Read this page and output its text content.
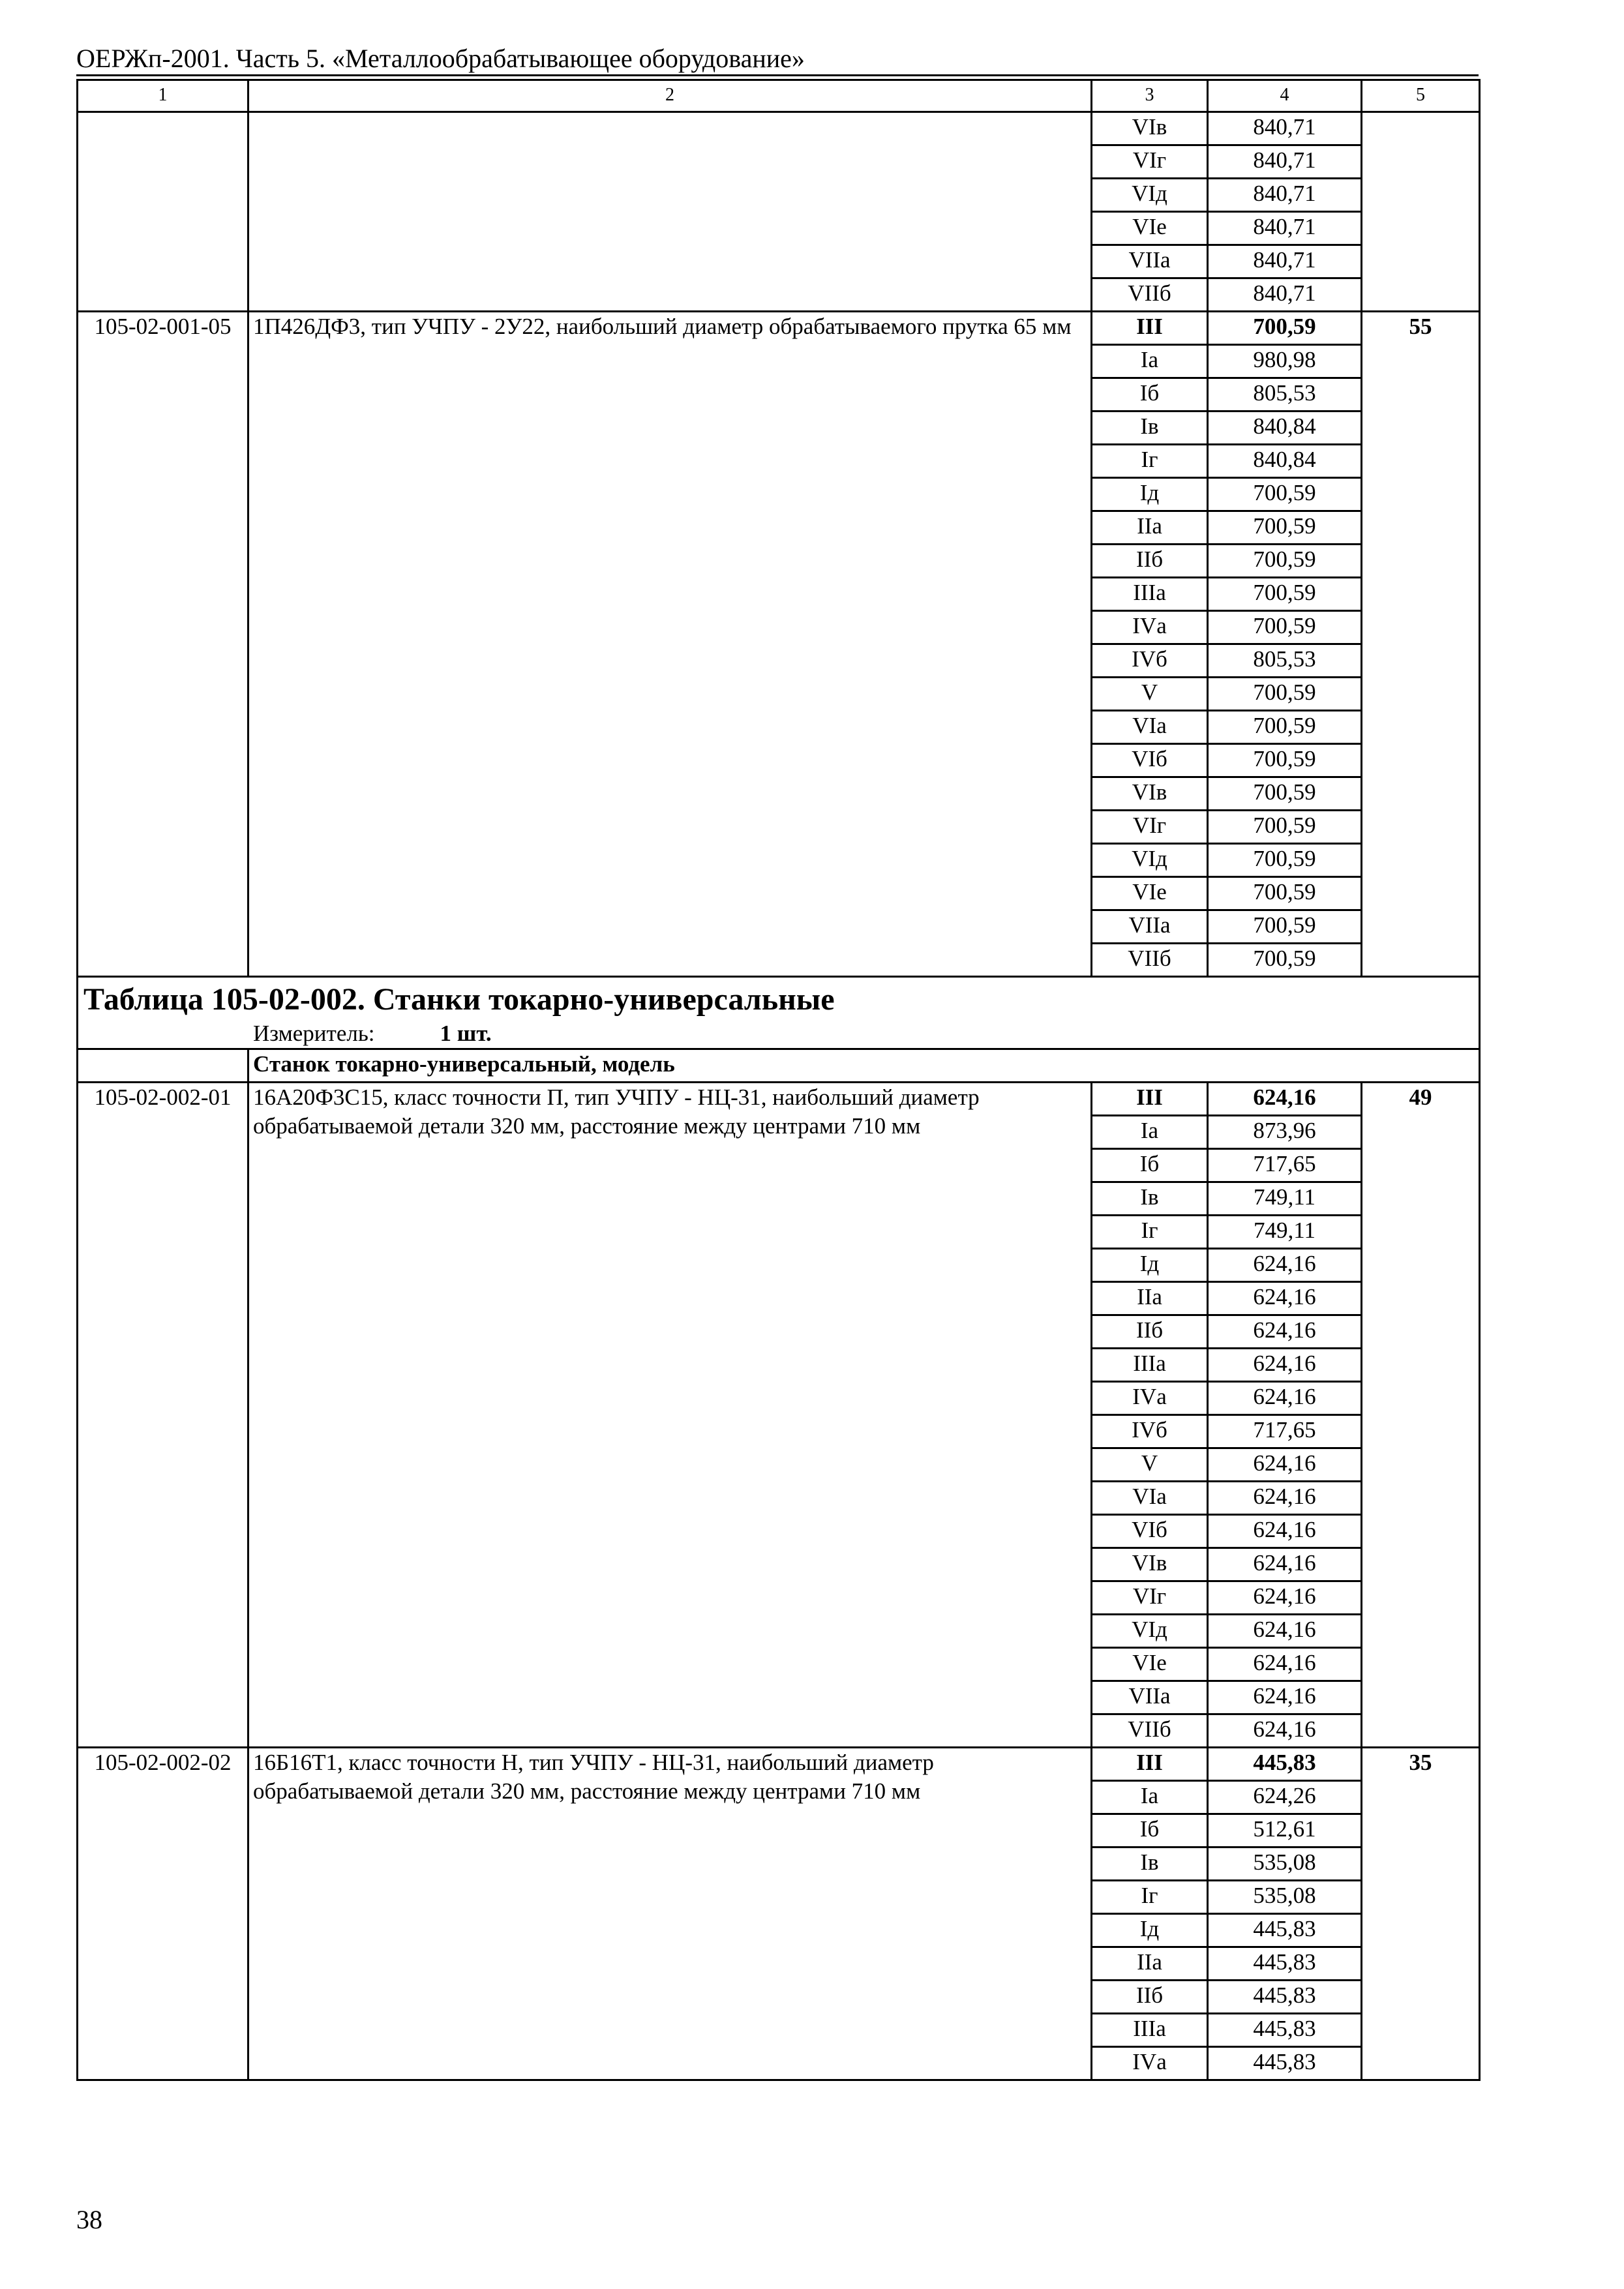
ОЕРЖп-2001. Часть 5. «Металлообрабатывающее оборудование»
1	2	3	4	5
		VIв	840,71	
		VIг	840,71	
		VIд	840,71	
		VIе	840,71	
		VIIа	840,71	
		VIIб	840,71	
105-02-001-05	1П426ДФ3, тип УЧПУ - 2У22, наибольший диаметр обрабатываемого прутка 65 мм	III	700,59	55
		Iа	980,98	
		Iб	805,53	
		Iв	840,84	
		Iг	840,84	
		Iд	700,59	
		IIа	700,59	
		IIб	700,59	
		IIIа	700,59	
		IVа	700,59	
		IVб	805,53	
		V	700,59	
		VIа	700,59	
		VIб	700,59	
		VIв	700,59	
		VIг	700,59	
		VIд	700,59	
		VIе	700,59	
		VIIа	700,59	
		VIIб	700,59	

Таблица 105-02-002. Станки токарно-универсальные				

Измеритель: 1 шт.				

	Станок токарно-универсальный, модель			
105-02-002-01	16А20Ф3С15, класс точности П, тип УЧПУ - НЦ-31, наибольший диаметр обрабатываемой детали 320 мм, расстояние между центрами 710 мм	III	624,16	49
		Iа	873,96	
		Iб	717,65	
		Iв	749,11	
		Iг	749,11	
		Iд	624,16	
		IIа	624,16	
		IIб	624,16	
		IIIа	624,16	
		IVа	624,16	
		IVб	717,65	
		V	624,16	
		VIа	624,16	
		VIб	624,16	
		VIв	624,16	
		VIг	624,16	
		VIд	624,16	
		VIе	624,16	
		VIIа	624,16	
		VIIб	624,16	
105-02-002-02	16Б16Т1, класс точности Н, тип УЧПУ - НЦ-31, наибольший диаметр обрабатываемой детали 320 мм, расстояние между центрами 710 мм	III	445,83	35
		Iа	624,26	
		Iб	512,61	
		Iв	535,08	
		Iг	535,08	
		Iд	445,83	
		IIа	445,83	
		IIб	445,83	
		IIIа	445,83	
		IVа	445,83	
38
